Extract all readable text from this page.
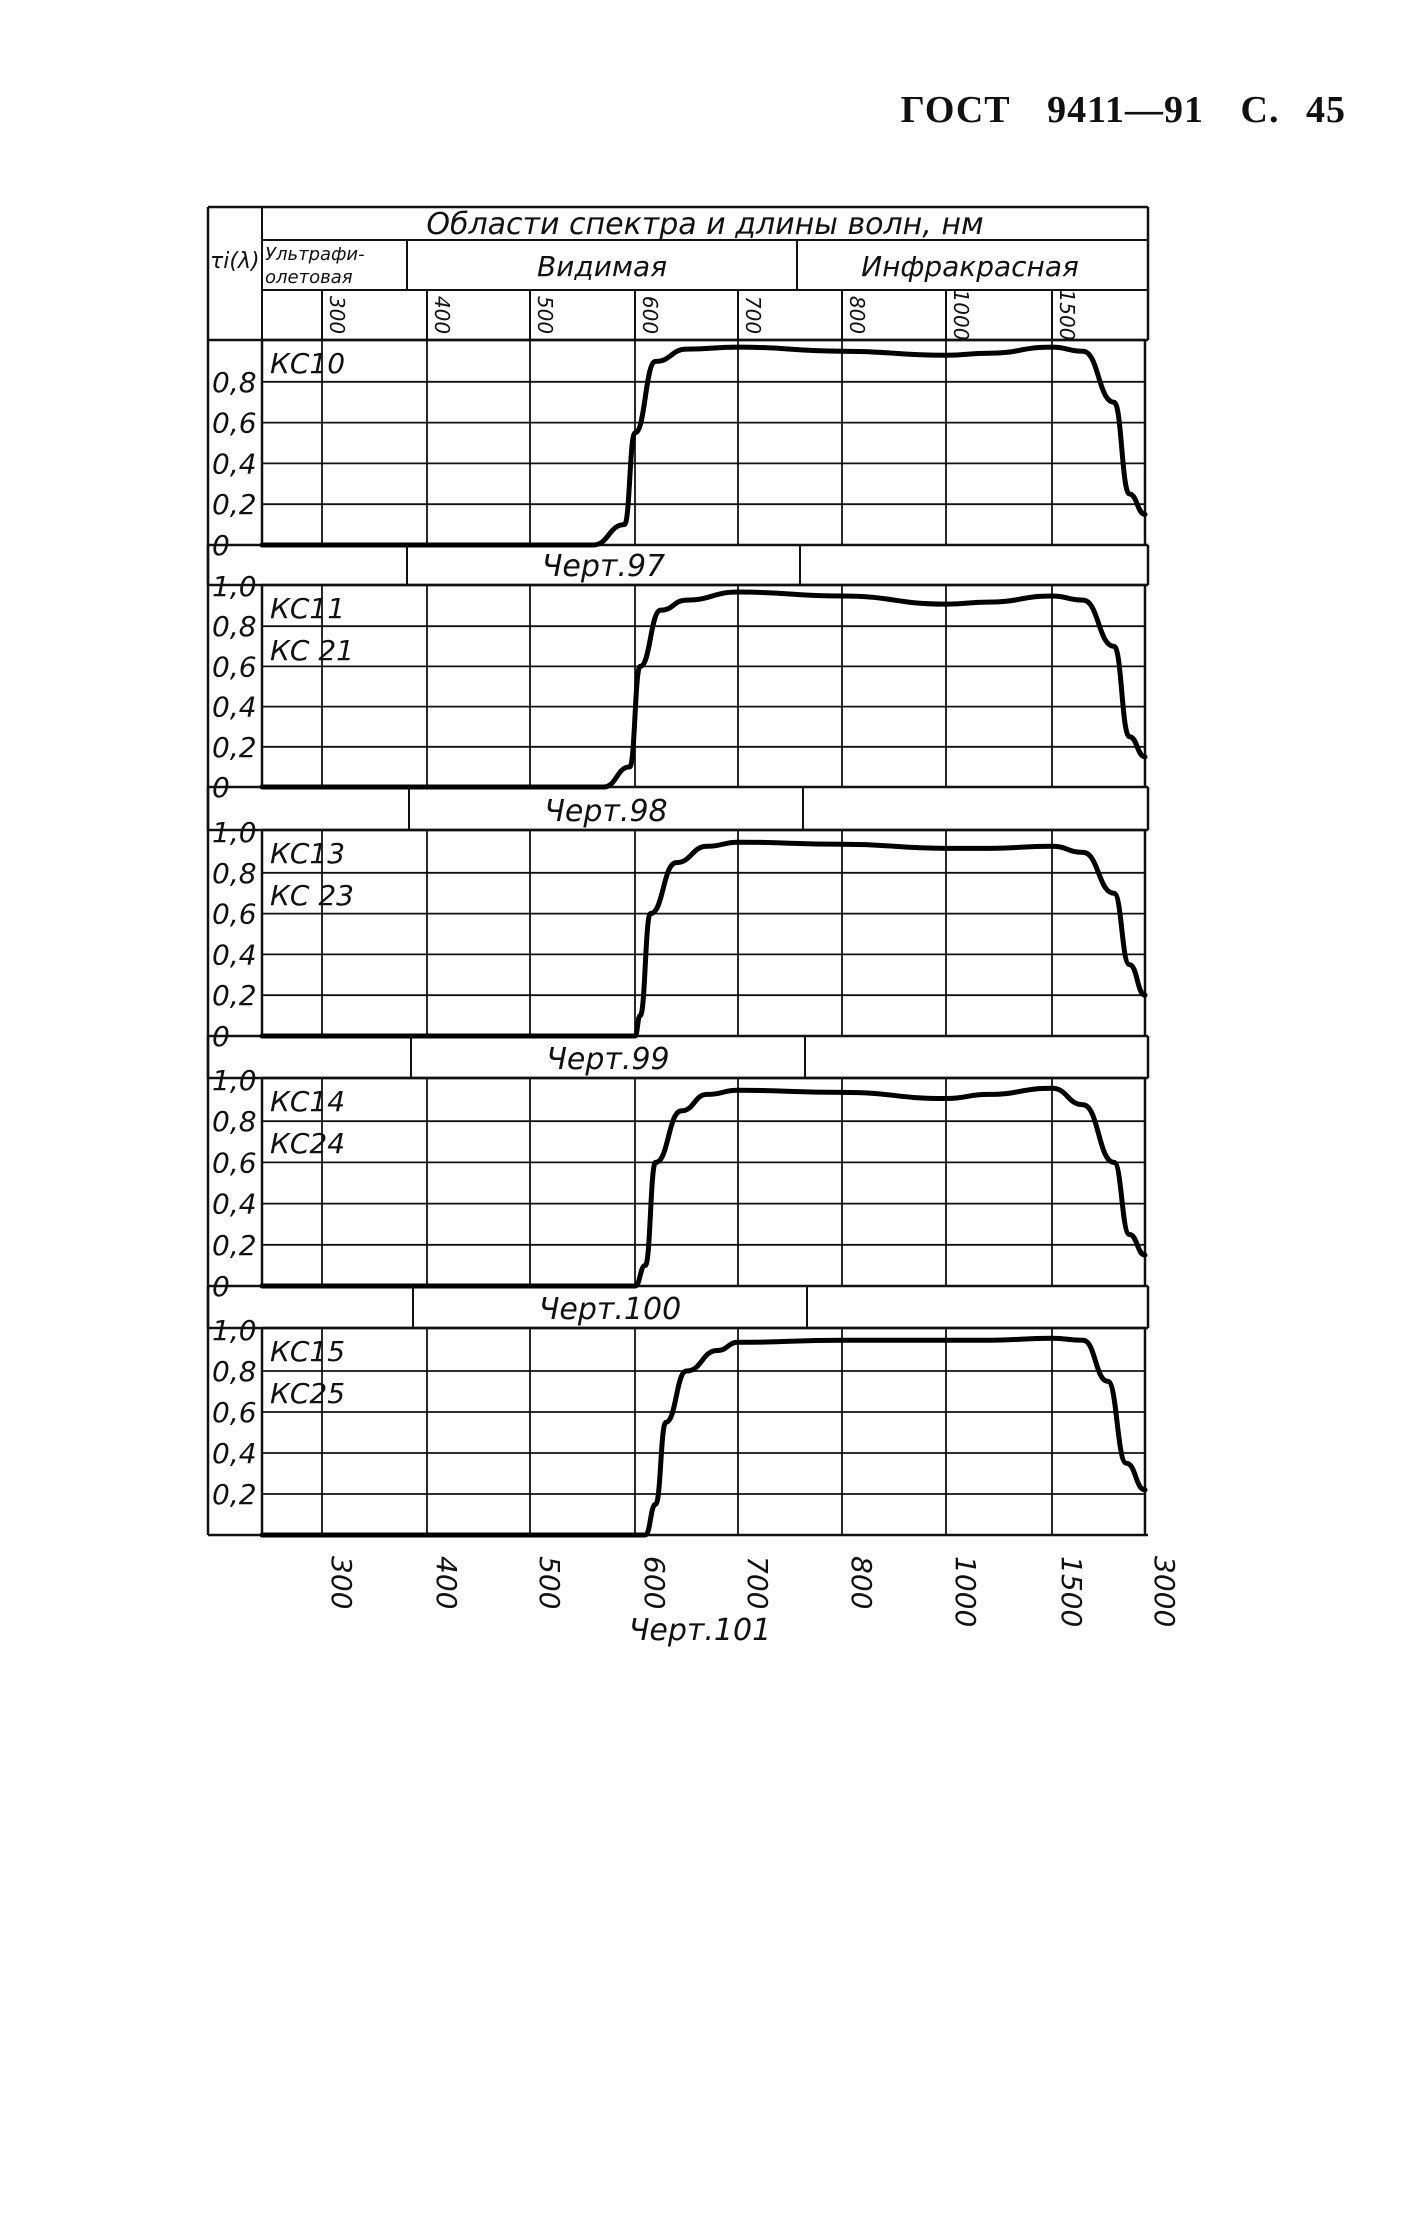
ГОСТ 9411—91 С. 45
Области спектра и длины волн, нм
τi(λ) Ультрафи-
олетовая	Видимая	Инфракрасная
300	400	500	600	700	800	1000	1500
0
0,2
0,4
0,6
0,8
КС10
Черт.97
0
0,2
0,4
0,6
0,8
1,0
КС11
КС 21
Черт.98
0
0,2
0,4
0,6
0,8
1,0
КС13
КС 23
Черт.99
0
0,2
0,4
0,6
0,8
1,0
КС14
КС24
Черт.100
0,2
0,4
0,6
0,8
1,0
КС15
КС25
300	400	500	600	700	800	1000	1500 3000
Черт.101
